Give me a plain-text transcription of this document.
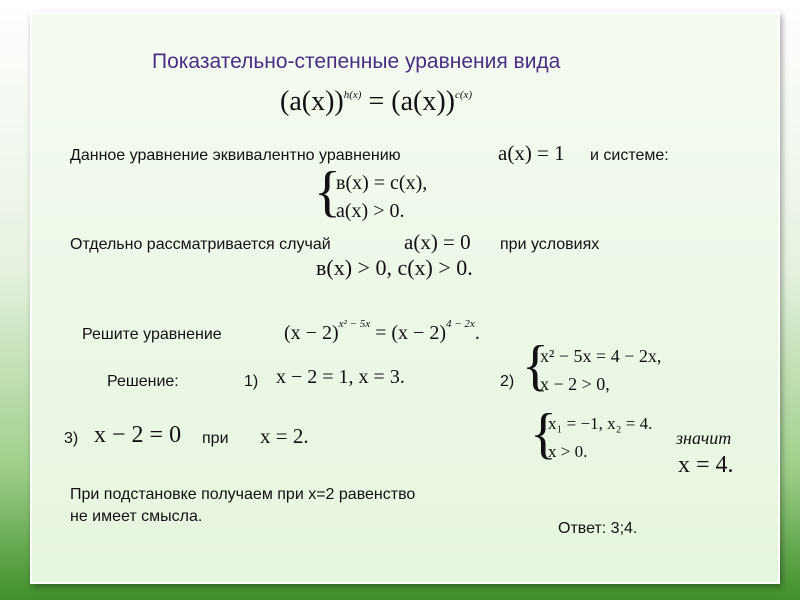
Показательно-степенные уравнения вида
$(a(x))^{h(x)} = (a(x))^{c(x)}$
Данное уравнение эквивалентно уравнению	a(x) = 1 и системе:
{
в(x) = c(x),
a(x) > 0.
Отдельно рассматривается случай	a(x) = 0 при условиях
в(x) > 0, c(x) > 0.
Решите уравнение	$(x - 2)^{x^2 - 5x} = (x - 2)^{4 - 2x}$.
Решение:	1) x − 2 = 1, x = 3.	2) {
x² − 5x = 4 − 2x,
x − 2 > 0,
3) x − 2 = 0 при x = 2.	{
x₁ = −1, x₂ = 4.
x > 0.
значит
x = 4.
При подстановке получаем при х=2 равенство
не имеет смысла.
Ответ: 3;4.
